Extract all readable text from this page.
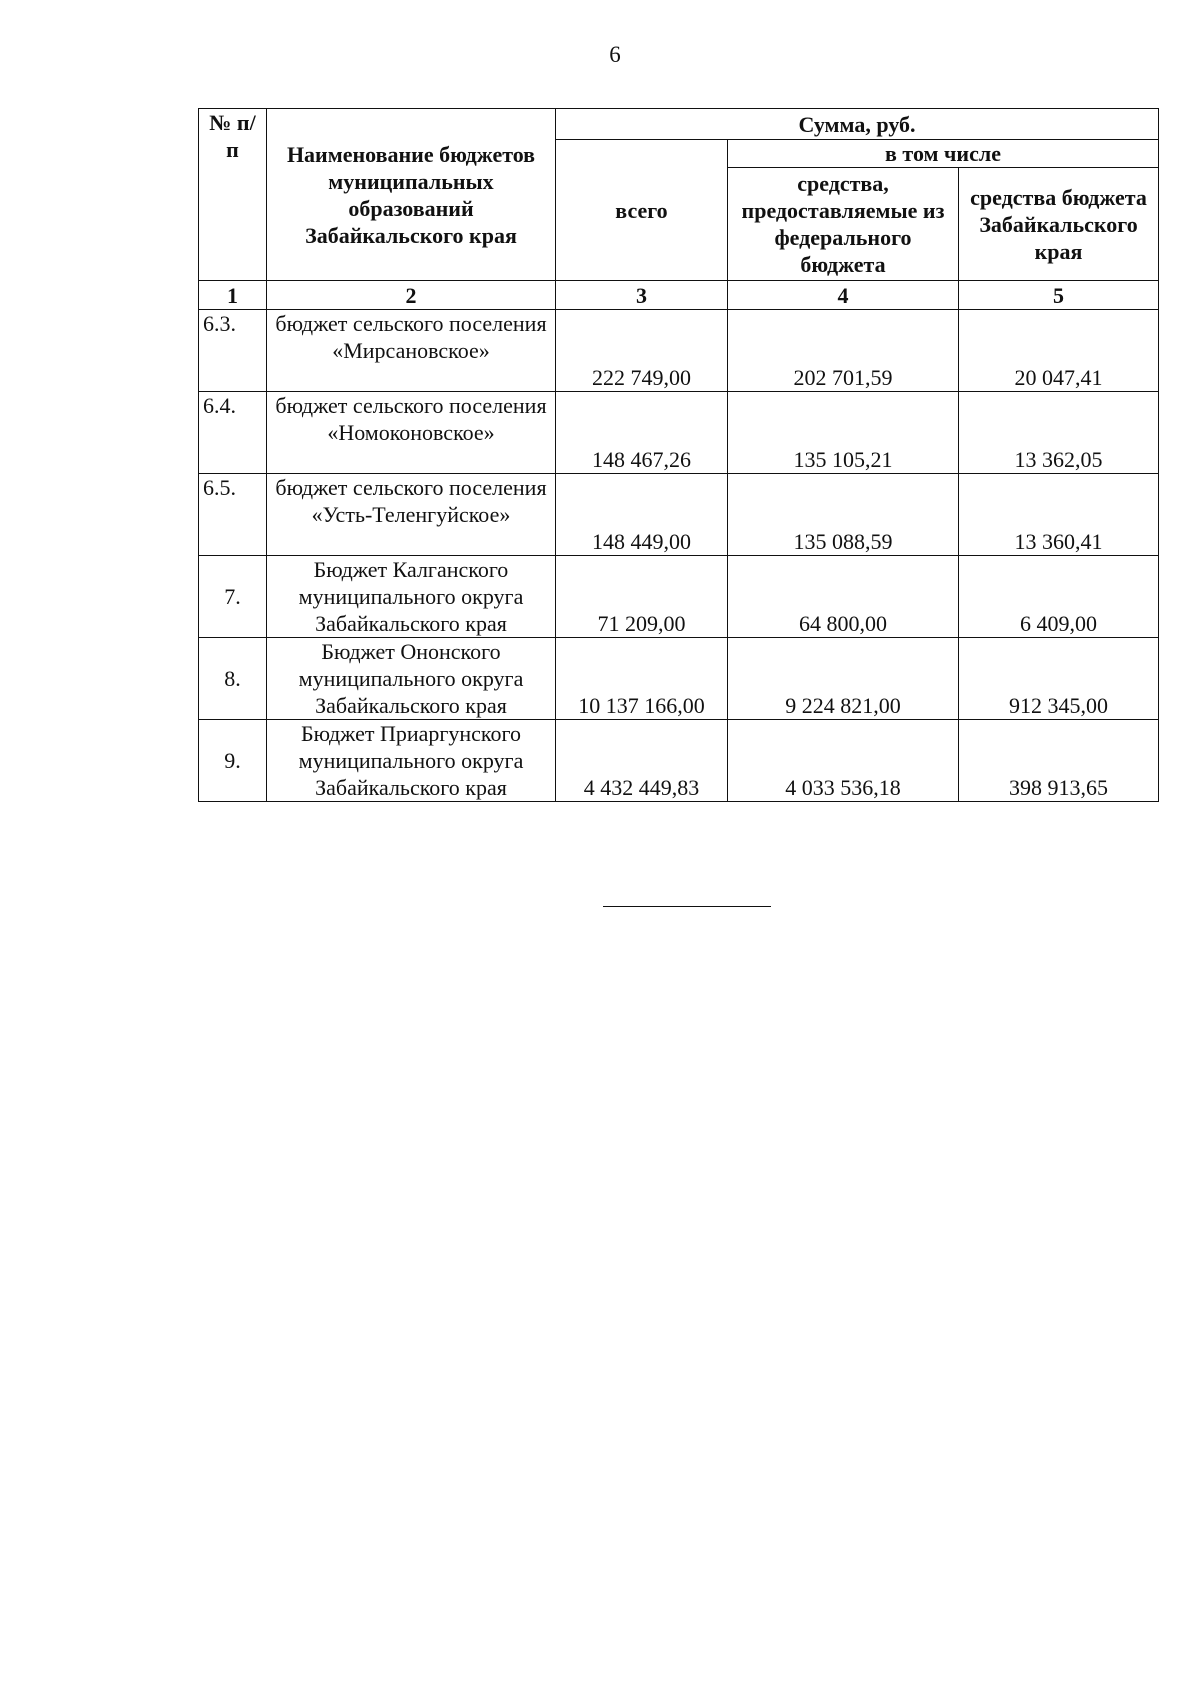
6
№ п/п	Наименование бюджетов муниципальных образований Забайкальского края	Сумма, руб.		
		всего	в том числе	
			средства, предоставляемые из федерального бюджета	средства бюджета Забайкальского края
1	2	3	4	5
6.3.	бюджет сельского поселения «Мирсановское»	222 749,00	202 701,59	20 047,41
6.4.	бюджет сельского поселения «Номоконовское»	148 467,26	135 105,21	13 362,05
6.5.	бюджет сельского поселения «Усть-Теленгуйское»	148 449,00	135 088,59	13 360,41
7.	Бюджет Калганского муниципального округа Забайкальского края	71 209,00	64 800,00	6 409,00
8.	Бюджет Ононского муниципального округа Забайкальского края	10 137 166,00	9 224 821,00	912 345,00
9.	Бюджет Приаргунского муниципального округа Забайкальского края	4 432 449,83	4 033 536,18	398 913,65
